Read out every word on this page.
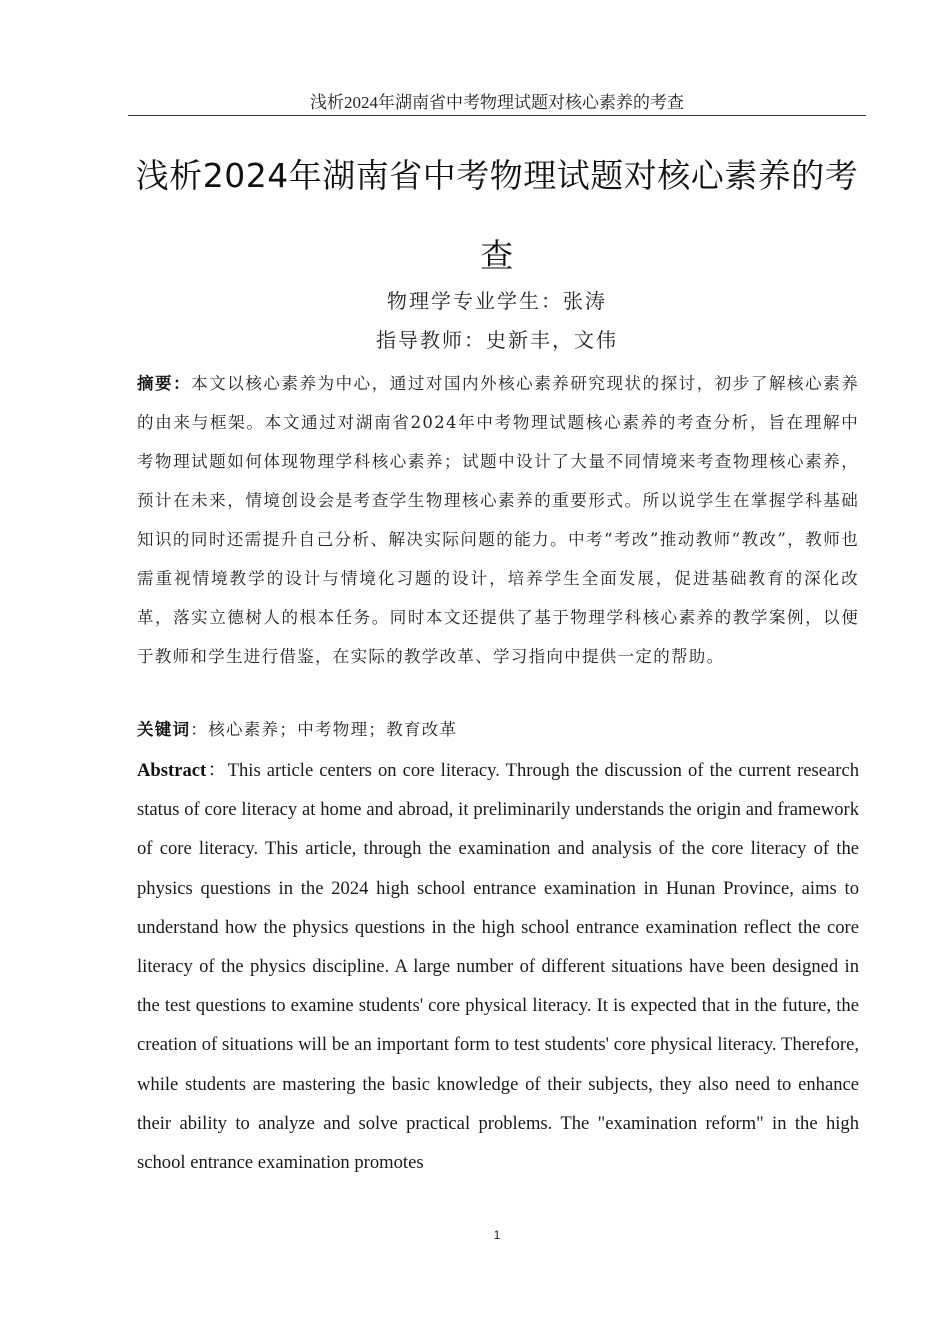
浅析2024年湖南省中考物理试题对核心素养的考查
浅析2024年湖南省中考物理试题对核心素养的考查
物理学专业学生：张涛
指导教师：史新丰，文伟

摘要：本文以核心素养为中心，通过对国内外核心素养研究现状的探讨，初步了解核心素养的由来与框架。本文通过对湖南省2024年中考物理试题核心素养的考查分析，旨在理解中考物理试题如何体现物理学科核心素养；试题中设计了大量不同情境来考查物理核心素养，预计在未来，情境创设会是考查学生物理核心素养的重要形式。所以说学生在掌握学科基础知识的同时还需提升自己分析、解决实际问题的能力。中考“考改”推动教师“教改”，教师也需重视情境教学的设计与情境化习题的设计，培养学生全面发展，促进基础教育的深化改革，落实立德树人的根本任务。同时本文还提供了基于物理学科核心素养的教学案例，以便于教师和学生进行借鉴，在实际的教学改革、学习指向中提供一定的帮助。

关键词：核心素养；中考物理；教育改革

Abstract：This article centers on core literacy. Through the discussion of the current research status of core literacy at home and abroad, it preliminarily understands the origin and framework of core literacy. This article, through the examination and analysis of the core literacy of the physics questions in the 2024 high school entrance examination in Hunan Province, aims to understand how the physics questions in the high school entrance examination reflect the core literacy of the physics discipline. A large number of different situations have been designed in the test questions to examine students' core physical literacy. It is expected that in the future, the creation of situations will be an important form to test students' core physical literacy. Therefore, while students are mastering the basic knowledge of their subjects, they also need to enhance their ability to analyze and solve practical problems. The "examination reform" in the high school entrance examination promotes

1
